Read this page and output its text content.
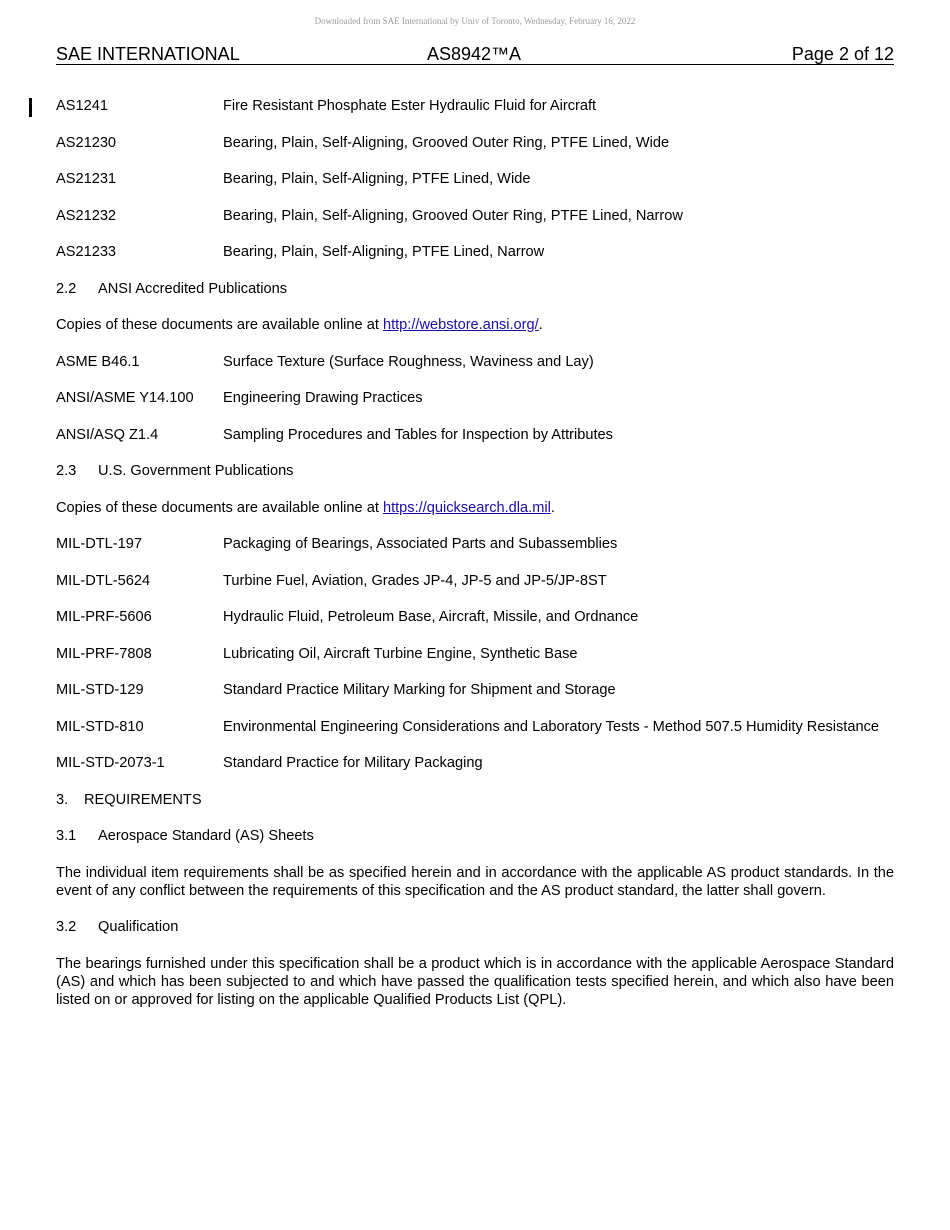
Downloaded from SAE International by Univ of Toronto, Wednesday, February 16, 2022
SAE INTERNATIONAL	AS8942™A	Page 2 of 12
AS1241	Fire Resistant Phosphate Ester Hydraulic Fluid for Aircraft
AS21230	Bearing, Plain, Self-Aligning, Grooved Outer Ring, PTFE Lined, Wide
AS21231	Bearing, Plain, Self-Aligning, PTFE Lined, Wide
AS21232	Bearing, Plain, Self-Aligning, Grooved Outer Ring, PTFE Lined, Narrow
AS21233	Bearing, Plain, Self-Aligning, PTFE Lined, Narrow
2.2 ANSI Accredited Publications
Copies of these documents are available online at http://webstore.ansi.org/.
ASME B46.1	Surface Texture (Surface Roughness, Waviness and Lay)
ANSI/ASME Y14.100	Engineering Drawing Practices
ANSI/ASQ Z1.4	Sampling Procedures and Tables for Inspection by Attributes
2.3 U.S. Government Publications
Copies of these documents are available online at https://quicksearch.dla.mil.
MIL-DTL-197	Packaging of Bearings, Associated Parts and Subassemblies
MIL-DTL-5624	Turbine Fuel, Aviation, Grades JP-4, JP-5 and JP-5/JP-8ST
MIL-PRF-5606	Hydraulic Fluid, Petroleum Base, Aircraft, Missile, and Ordnance
MIL-PRF-7808	Lubricating Oil, Aircraft Turbine Engine, Synthetic Base
MIL-STD-129	Standard Practice Military Marking for Shipment and Storage
MIL-STD-810	Environmental Engineering Considerations and Laboratory Tests - Method 507.5 Humidity Resistance
MIL-STD-2073-1	Standard Practice for Military Packaging
3. REQUIREMENTS
3.1 Aerospace Standard (AS) Sheets
The individual item requirements shall be as specified herein and in accordance with the applicable AS product standards. In the event of any conflict between the requirements of this specification and the AS product standard, the latter shall govern.
3.2 Qualification
The bearings furnished under this specification shall be a product which is in accordance with the applicable Aerospace Standard (AS) and which has been subjected to and which have passed the qualification tests specified herein, and which also have been listed on or approved for listing on the applicable Qualified Products List (QPL).
